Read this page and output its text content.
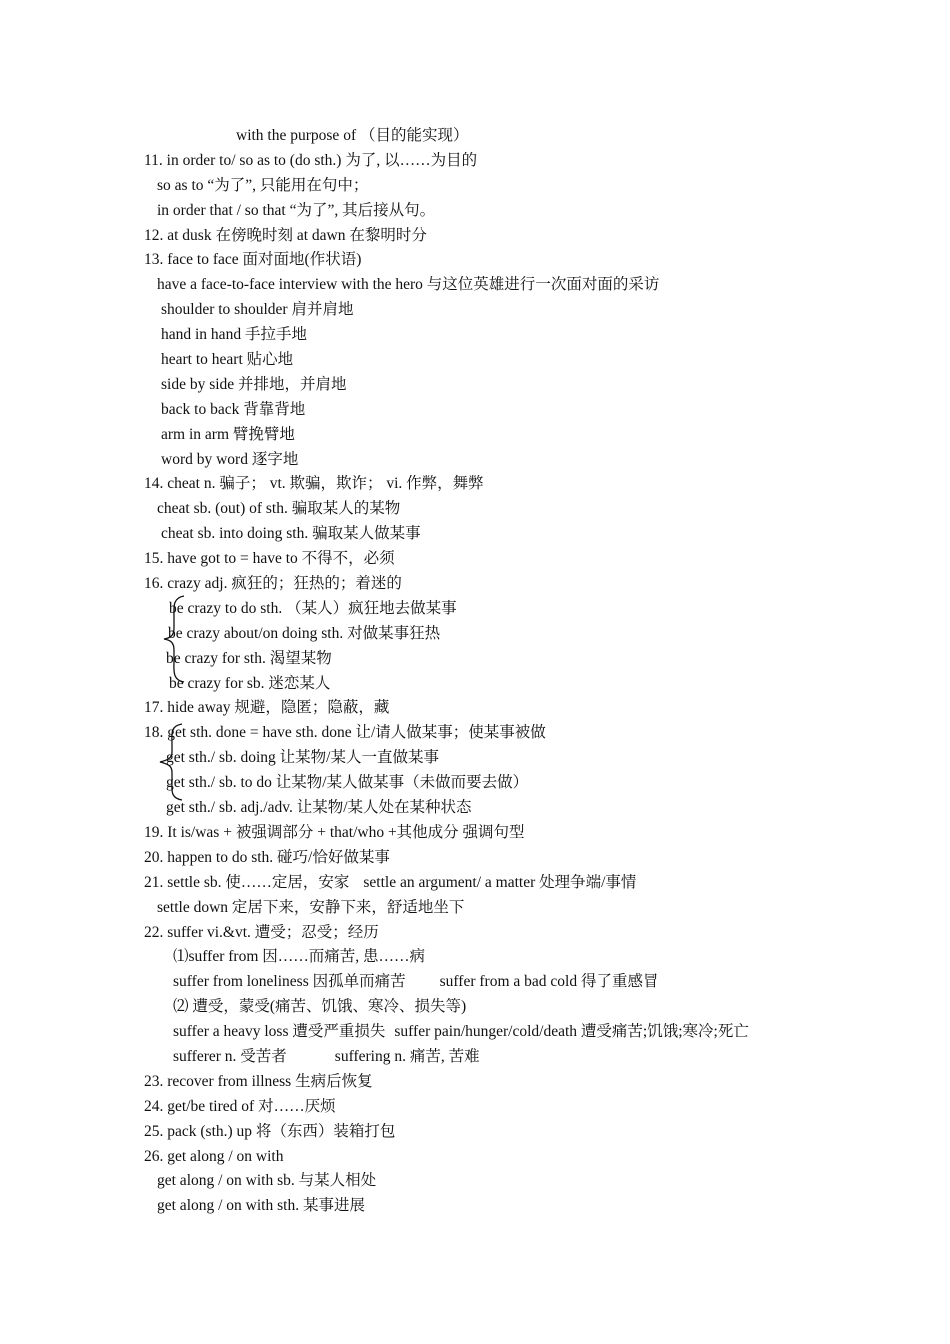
with the purpose of （目的能实现）
11. in order to/ so as to (do sth.) 为了, 以……为目的
so as to “为了”, 只能用在句中；
in order that / so that “为了”, 其后接从句。
12. at dusk 在傍晚时刻 at dawn 在黎明时分
13. face to face 面对面地(作状语)
have a face-to-face interview with the hero 与这位英雄进行一次面对面的采访
shoulder to shoulder 肩并肩地
hand in hand 手拉手地
heart to heart 贴心地
side by side 并排地，并肩地
back to back 背靠背地
arm in arm 臂挽臂地
word by word 逐字地
14. cheat n. 骗子； vt. 欺骗，欺诈； vi. 作弊，舞弊
cheat sb. (out) of sth. 骗取某人的某物
cheat sb. into doing sth. 骗取某人做某事
15. have got to = have to 不得不，必须
16. crazy adj. 疯狂的；狂热的；着迷的
be crazy to do sth. （某人）疯狂地去做某事
be crazy about/on doing sth. 对做某事狂热
be crazy for sth. 渴望某物
be crazy for sb. 迷恋某人
17. hide away 规避，隐匿；隐蔽，藏
18. get sth. done = have sth. done 让/请人做某事；使某事被做
get sth./ sb. doing 让某物/某人一直做某事
get sth./ sb. to do 让某物/某人做某事（未做而要去做）
get sth./ sb. adj./adv. 让某物/某人处在某种状态
19. It is/was + 被强调部分 + that/who +其他成分 强调句型
20. happen to do sth. 碰巧/恰好做某事
21. settle sb. 使……定居，安家 settle an argument/ a matter 处理争端/事情
settle down 定居下来，安静下来，舒适地坐下
22. suffer vi.&vt. 遭受；忍受；经历
⑴suffer from 因……而痛苦, 患……病
suffer from loneliness 因孤单而痛苦 suffer from a bad cold 得了重感冒
⑵ 遭受，蒙受(痛苦、饥饿、寒冷、损失等)
suffer a heavy loss 遭受严重损失 suffer pain/hunger/cold/death 遭受痛苦;饥饿;寒冷;死亡
sufferer n. 受苦者	suffering n. 痛苦, 苦难
23. recover from illness 生病后恢复
24. get/be tired of 对……厌烦
25. pack (sth.) up 将（东西）装箱打包
26. get along / on with
get along / on with sb. 与某人相处
get along / on with sth. 某事进展
